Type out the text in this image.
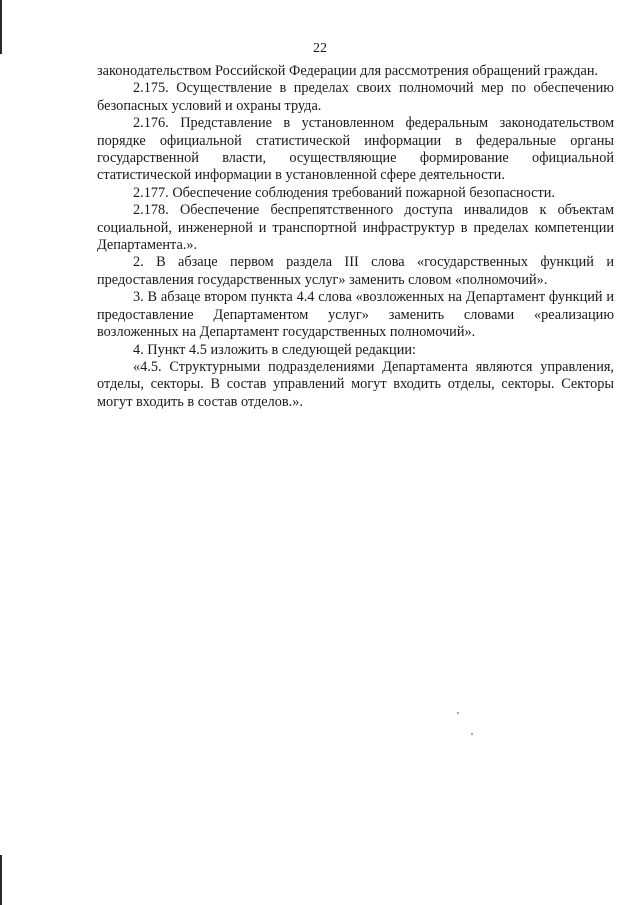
22

законодательством Российской Федерации для рассмотрения обращений граждан.

2.175. Осуществление в пределах своих полномочий мер по обеспечению безопасных условий и охраны труда.

2.176. Представление в установленном федеральным законодательством порядке официальной статистической информации в федеральные органы государственной власти, осуществляющие формирование официальной статистической информации в установленной сфере деятельности.

2.177. Обеспечение соблюдения требований пожарной безопасности.

2.178. Обеспечение беспрепятственного доступа инвалидов к объектам социальной, инженерной и транспортной инфраструктур в пределах компетенции Департамента.».

2. В абзаце первом раздела III слова «государственных функций и предоставления государственных услуг» заменить словом «полномочий».

3. В абзаце втором пункта 4.4 слова «возложенных на Департамент функций и предоставление Департаментом услуг» заменить словами «реализацию возложенных на Департамент государственных полномочий».

4. Пункт 4.5 изложить в следующей редакции:

«4.5. Структурными подразделениями Департамента являются управления, отделы, секторы. В состав управлений могут входить отделы, секторы. Секторы могут входить в состав отделов.».
